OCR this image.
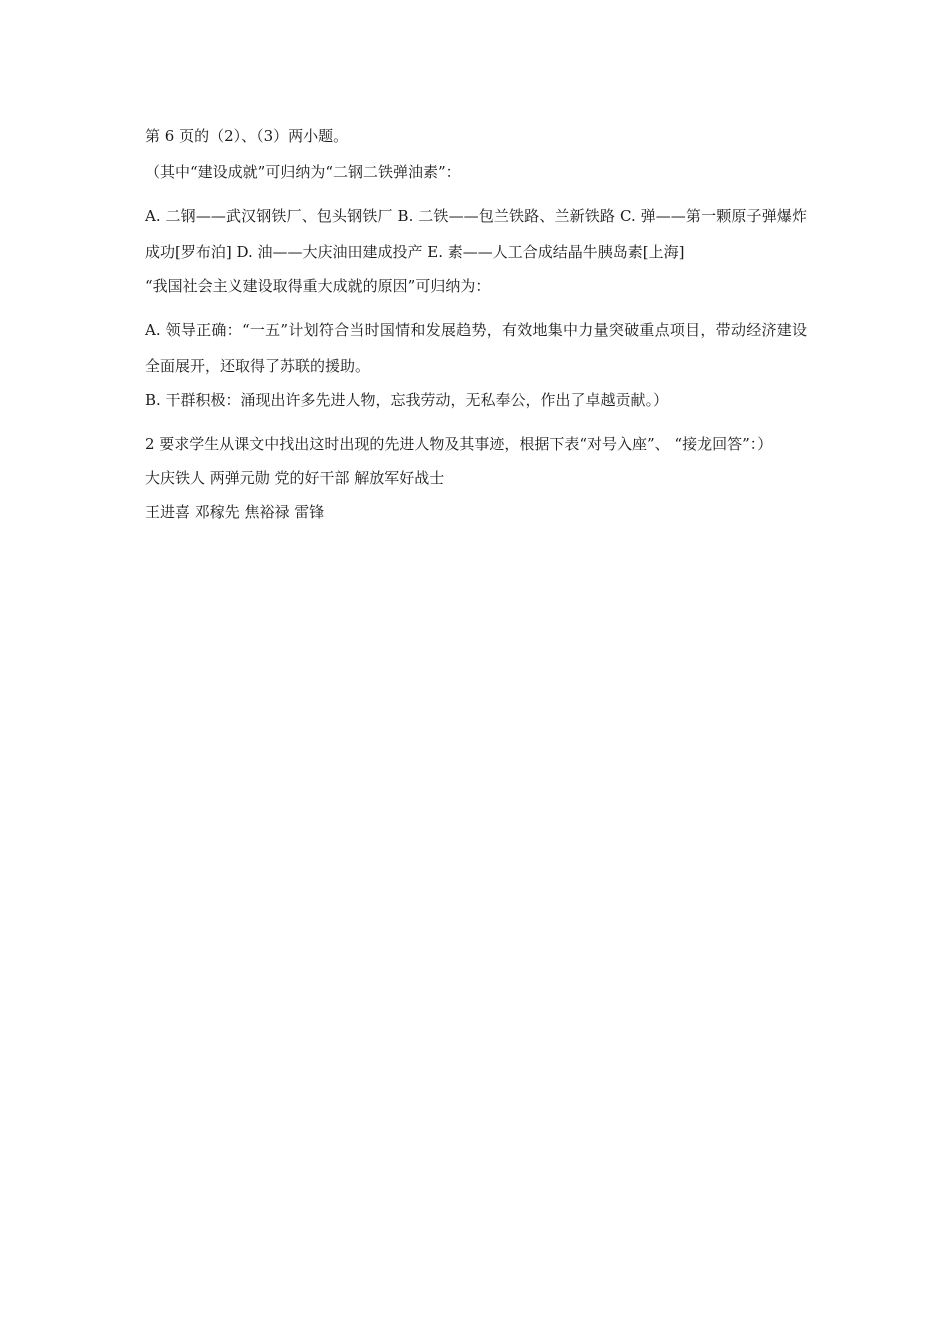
第 6 页的（2）、（3）两小题。
（其中“建设成就”可归纳为“二钢二铁弹油素”：
A. 二钢——武汉钢铁厂、包头钢铁厂 B. 二铁——包兰铁路、兰新铁路 C. 弹——第一颗原子弹爆炸成功[罗布泊] D. 油——大庆油田建成投产 E. 素——人工合成结晶牛胰岛素[上海]
“我国社会主义建设取得重大成就的原因”可归纳为：
A. 领导正确：“一五”计划符合当时国情和发展趋势，有效地集中力量突破重点项目，带动经济建设全面展开，还取得了苏联的援助。
B. 干群积极：涌现出许多先进人物，忘我劳动，无私奉公，作出了卓越贡献。）
2 要求学生从课文中找出这时出现的先进人物及其事迹，根据下表“对号入座”、 “接龙回答”：）
大庆铁人 两弹元勋 党的好干部 解放军好战士
王进喜 邓稼先 焦裕禄 雷锋
